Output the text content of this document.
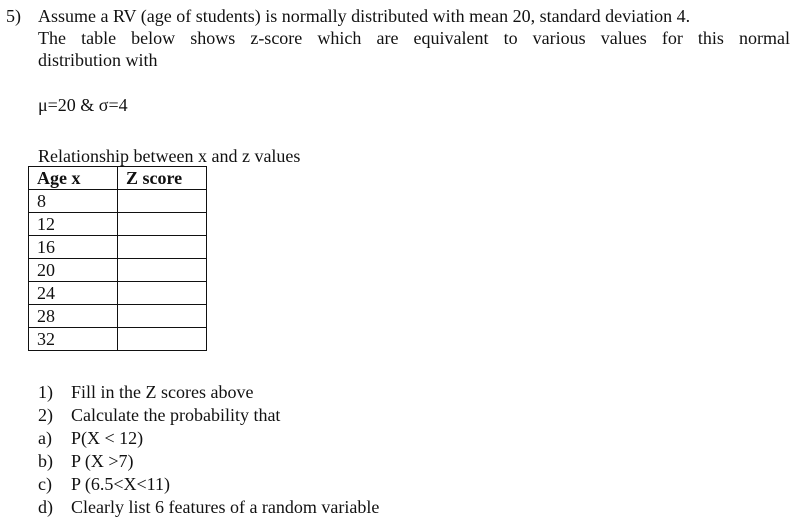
5) Assume a RV (age of students) is normally distributed with mean 20, standard deviation 4.
The table below shows z-score which are equivalent to various values for this normal
distribution with
μ=20 & σ=4
Relationship between x and z values
Age x	Z score
8	
12	
16	
20	
24	
28	
32	
1) Fill in the Z scores above
2) Calculate the probability that
a) P(X < 12)
b) P (X >7)
c) P (6.5<X<11)
d) Clearly list 6 features of a random variable
